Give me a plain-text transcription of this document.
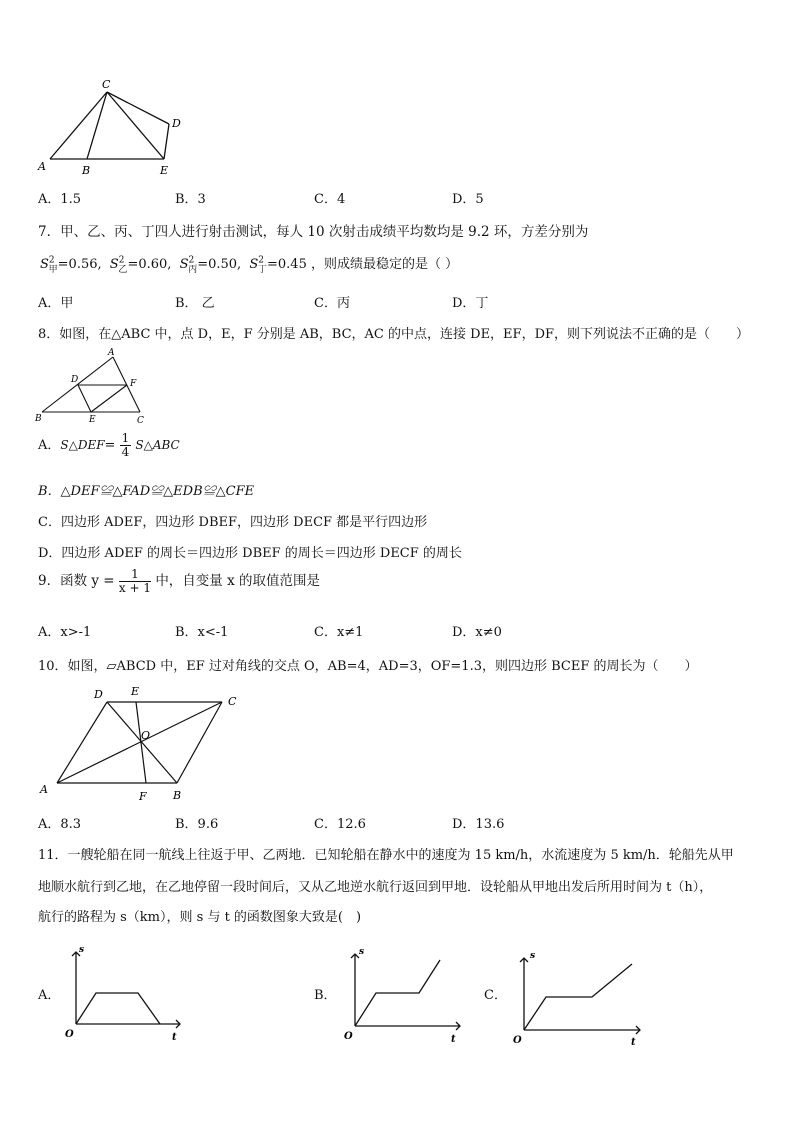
A	B
C
D
E
A．1.5	B．3	C．4	D．5
7．甲、乙、丙、丁四人进行射击测试，每人 10 次射击成绩平均数均是 9.2 环，方差分别为
$S^2_甲=0.56$, $S^2_乙=0.60$, $S^2_丙=0.50$, $S^2_丁=0.45$ ，则成绩最稳定的是（ ）
A．甲	B． 乙	C．丙	D．丁
8．如图，在△ABC 中，点 D，E，F 分别是 AB，BC，AC 的中点，连接 DE，EF，DF，则下列说法不正确的是（　　）
A
B	C
D
E
F
A．S△DEF= $\frac{1}{4}$ S△ABC
B．△DEF≌△FAD≌△EDB≌△CFE
C．四边形 ADEF，四边形 DBEF，四边形 DECF 都是平行四边形
D．四边形 ADEF 的周长＝四边形 DBEF 的周长＝四边形 DECF 的周长
9．函数 $y = \frac{1}{x + 1}$ 中，自变量 x 的取值范围是
A．x>-1	B．x<-1	C．x≠1	D．x≠0
10．如图，▱ABCD 中，EF 过对角线的交点 O，AB=4，AD=3，OF=1.3，则四边形 BCEF 的周长为（　　）
A	B
C
D	E
F
O
A．8.3	B．9.6	C．12.6	D．13.6
11．一艘轮船在同一航线上往返于甲、乙两地．已知轮船在静水中的速度为 15 km/h，水流速度为 5 km/h．轮船先从甲
地顺水航行到乙地，在乙地停留一段时间后，又从乙地逆水航行返回到甲地．设轮船从甲地出发后所用时间为 t（h），
航行的路程为 s（km），则 s 与 t 的函数图象大致是(　)
A．
s
t
O
B．
s
t
O
C．
s
t
O
